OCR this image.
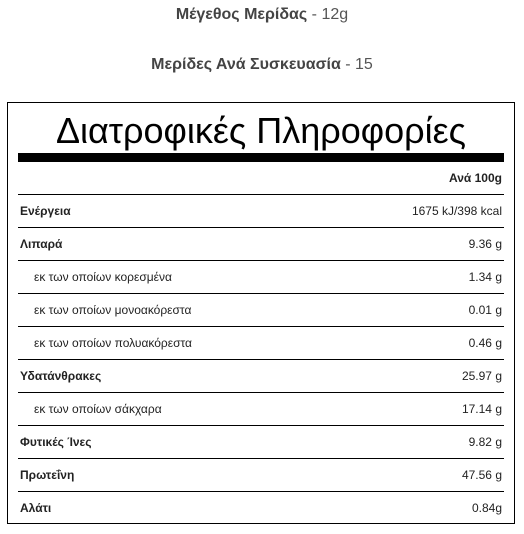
Μέγεθος Μερίδας - 12g
Μερίδες Ανά Συσκευασία - 15
Διατροφικές Πληροφορίες
Ανά 100g
Ενέργεια	1675 kJ/398 kcal
Λιπαρά	9.36 g
εκ των οποίων κορεσμένα	1.34 g
εκ των οποίων μονοακόρεστα	0.01 g
εκ των οποίων πολυακόρεστα	0.46 g
Υδατάνθρακες	25.97 g
εκ των οποίων σάκχαρα	17.14 g
Φυτικές Ίνες	9.82 g
Πρωτεΐνη	47.56 g
Αλάτι	0.84g
